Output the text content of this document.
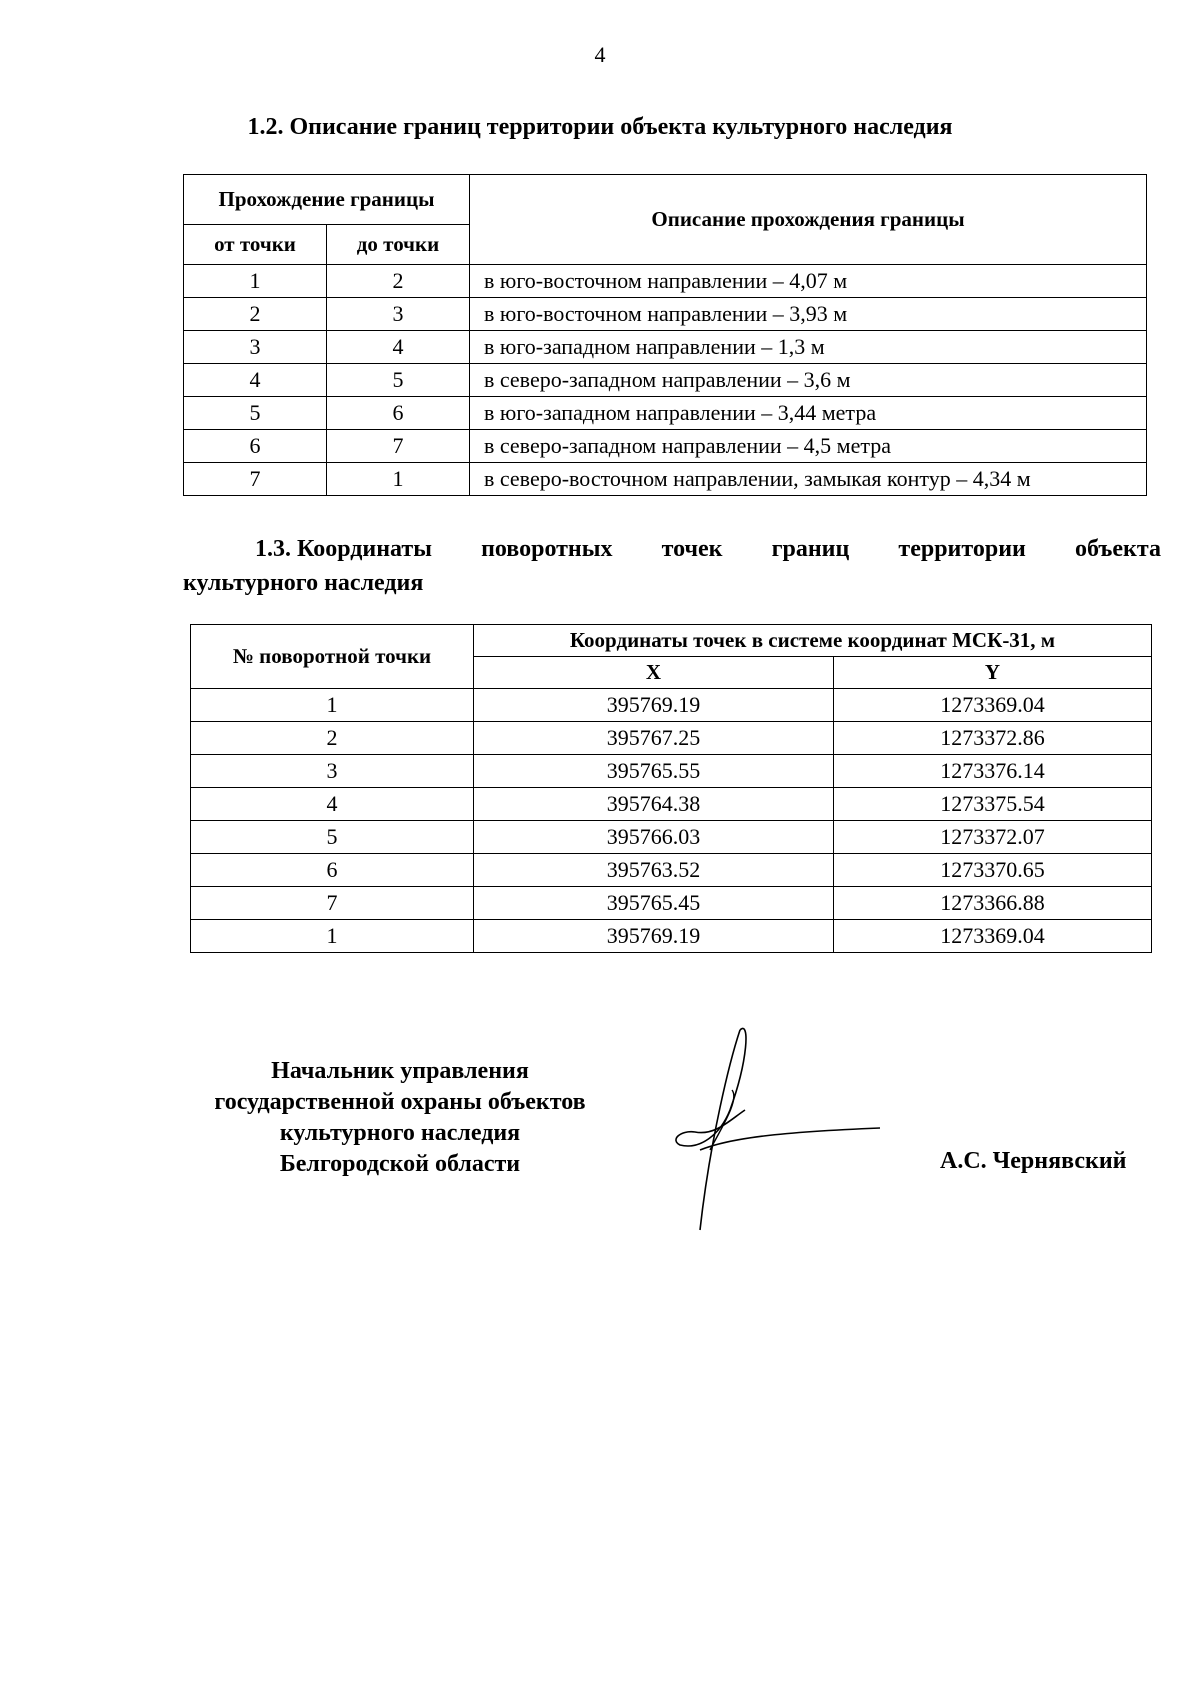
4
1.2. Описание границ территории объекта культурного наследия
Прохождение границы		Описание прохождения границы
от точки	до точки	
1	2	в юго-восточном направлении – 4,07 м
2	3	в юго-восточном направлении – 3,93 м
3	4	в юго-западном направлении – 1,3 м
4	5	в северо-западном направлении – 3,6 м
5	6	в юго-западном направлении – 3,44 метра
6	7	в северо-западном направлении – 4,5 метра
7	1	в северо-восточном направлении, замыкая контур – 4,34 м
1.3. Координаты поворотных точек границ территории объекта
культурного наследия
№ поворотной точки	Координаты точек в системе координат МСК-31, м	
	X	Y
1	395769.19	1273369.04
2	395767.25	1273372.86
3	395765.55	1273376.14
4	395764.38	1273375.54
5	395766.03	1273372.07
6	395763.52	1273370.65
7	395765.45	1273366.88
1	395769.19	1273369.04
Начальник управления
государственной охраны объектов
культурного наследия
Белгородской области	А.С. Чернявский
